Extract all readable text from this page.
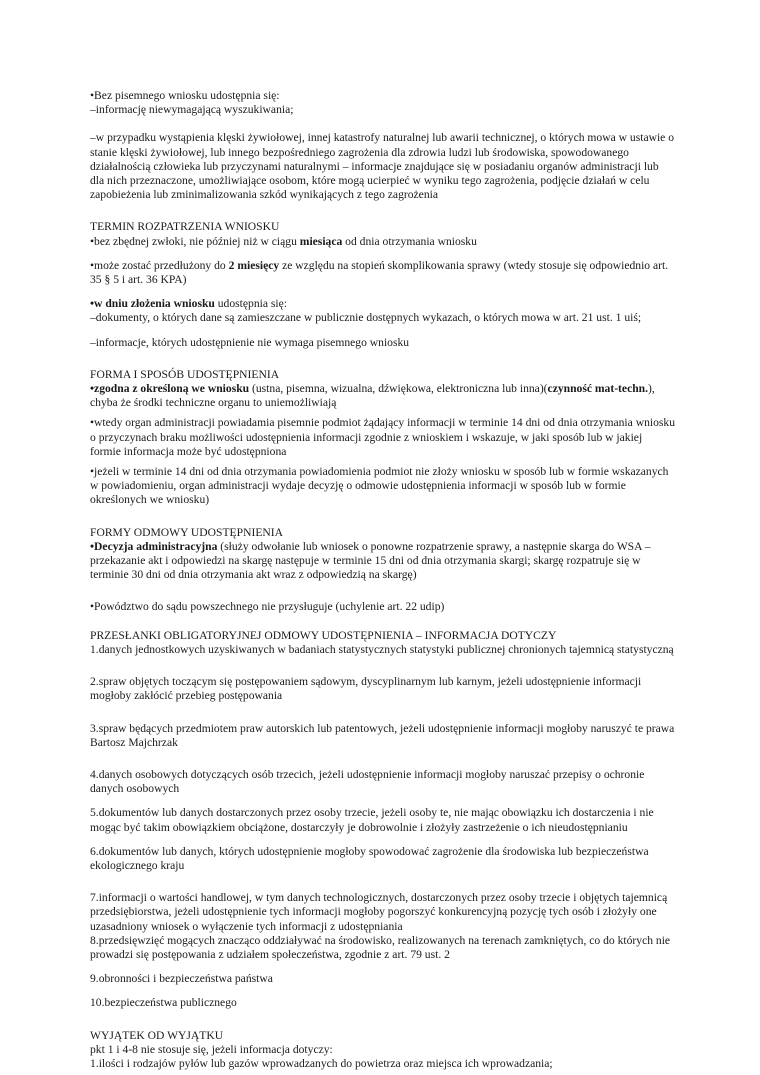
•Bez pisemnego wniosku udostępnia się:

–informację niewymagającą wyszukiwania;

–w przypadku wystąpienia klęski żywiołowej, innej katastrofy naturalnej lub awarii technicznej, o których mowa w ustawie o stanie klęski żywiołowej, lub innego bezpośredniego zagrożenia dla zdrowia ludzi lub środowiska, spowodowanego działalnością człowieka lub przyczynami naturalnymi – informacje znajdujące się w posiadaniu organów administracji lub dla nich przeznaczone, umożliwiające osobom, które mogą ucierpieć w wyniku tego zagrożenia, podjęcie działań w celu zapobieżenia lub zminimalizowania szkód wynikających z tego zagrożenia

TERMIN ROZPATRZENIA WNIOSKU

•bez zbędnej zwłoki, nie później niż w ciągu miesiąca od dnia otrzymania wniosku

•może zostać przedłużony do 2 miesięcy ze względu na stopień skomplikowania sprawy (wtedy stosuje się odpowiednio art. 35 § 5 i art. 36 KPA)

•w dniu złożenia wniosku udostępnia się:

–dokumenty, o których dane są zamieszczane w publicznie dostępnych wykazach, o których mowa w art. 21 ust. 1 uiś;

–informacje, których udostępnienie nie wymaga pisemnego wniosku

FORMA I SPOSÓB UDOSTĘPNIENIA

•zgodna z określoną we wniosku (ustna, pisemna, wizualna, dźwiękowa, elektroniczna lub inna)(czynność mat-techn.), chyba że środki techniczne organu to uniemożliwiają

•wtedy organ administracji powiadamia pisemnie podmiot żądający informacji w terminie 14 dni od dnia otrzymania wniosku o przyczynach braku możliwości udostępnienia informacji zgodnie z wnioskiem i wskazuje, w jaki sposób lub w jakiej formie informacja może być udostępniona

•jeżeli w terminie 14 dni od dnia otrzymania powiadomienia podmiot nie złoży wniosku w sposób lub w formie wskazanych w powiadomieniu, organ administracji wydaje decyzję o odmowie udostępnienia informacji w sposób lub w formie określonych we wniosku)

FORMY ODMOWY UDOSTĘPNIENIA

•Decyzja administracyjna (służy odwołanie lub wniosek o ponowne rozpatrzenie sprawy, a następnie skarga do WSA – przekazanie akt i odpowiedzi na skargę następuje w terminie 15 dni od dnia otrzymania skargi; skargę rozpatruje się w terminie 30 dni od dnia otrzymania akt wraz z odpowiedzią na skargę)

•Powództwo do sądu powszechnego nie przysługuje (uchylenie art. 22 udip)

PRZESŁANKI OBLIGATORYJNEJ ODMOWY UDOSTĘPNIENIA – INFORMACJA DOTYCZY

1.danych jednostkowych uzyskiwanych w badaniach statystycznych statystyki publicznej chronionych tajemnicą statystyczną

2.spraw objętych toczącym się postępowaniem sądowym, dyscyplinarnym lub karnym, jeżeli udostępnienie informacji mogłoby zakłócić przebieg postępowania

3.spraw będących przedmiotem praw autorskich lub patentowych, jeżeli udostępnienie informacji mogłoby naruszyć te prawa Bartosz Majchrzak

4.danych osobowych dotyczących osób trzecich, jeżeli udostępnienie informacji mogłoby naruszać przepisy o ochronie danych osobowych

5.dokumentów lub danych dostarczonych przez osoby trzecie, jeżeli osoby te, nie mając obowiązku ich dostarczenia i nie mogąc być takim obowiązkiem obciążone, dostarczyły je dobrowolnie i złożyły zastrzeżenie o ich nieudostępnianiu

6.dokumentów lub danych, których udostępnienie mogłoby spowodować zagrożenie dla środowiska lub bezpieczeństwa ekologicznego kraju

7.informacji o wartości handlowej, w tym danych technologicznych, dostarczonych przez osoby trzecie i objętych tajemnicą przedsiębiorstwa, jeżeli udostępnienie tych informacji mogłoby pogorszyć konkurencyjną pozycję tych osób i złożyły one uzasadniony wniosek o wyłączenie tych informacji z udostępniania

8.przedsięwzięć mogących znacząco oddziaływać na środowisko, realizowanych na terenach zamkniętych, co do których nie prowadzi się postępowania z udziałem społeczeństwa, zgodnie z art. 79 ust. 2

9.obronności i bezpieczeństwa państwa

10.bezpieczeństwa publicznego

WYJĄTEK OD WYJĄTKU

pkt 1 i 4-8 nie stosuje się, jeżeli informacja dotyczy:

1.ilości i rodzajów pyłów lub gazów wprowadzanych do powietrza oraz miejsca ich wprowadzania;
